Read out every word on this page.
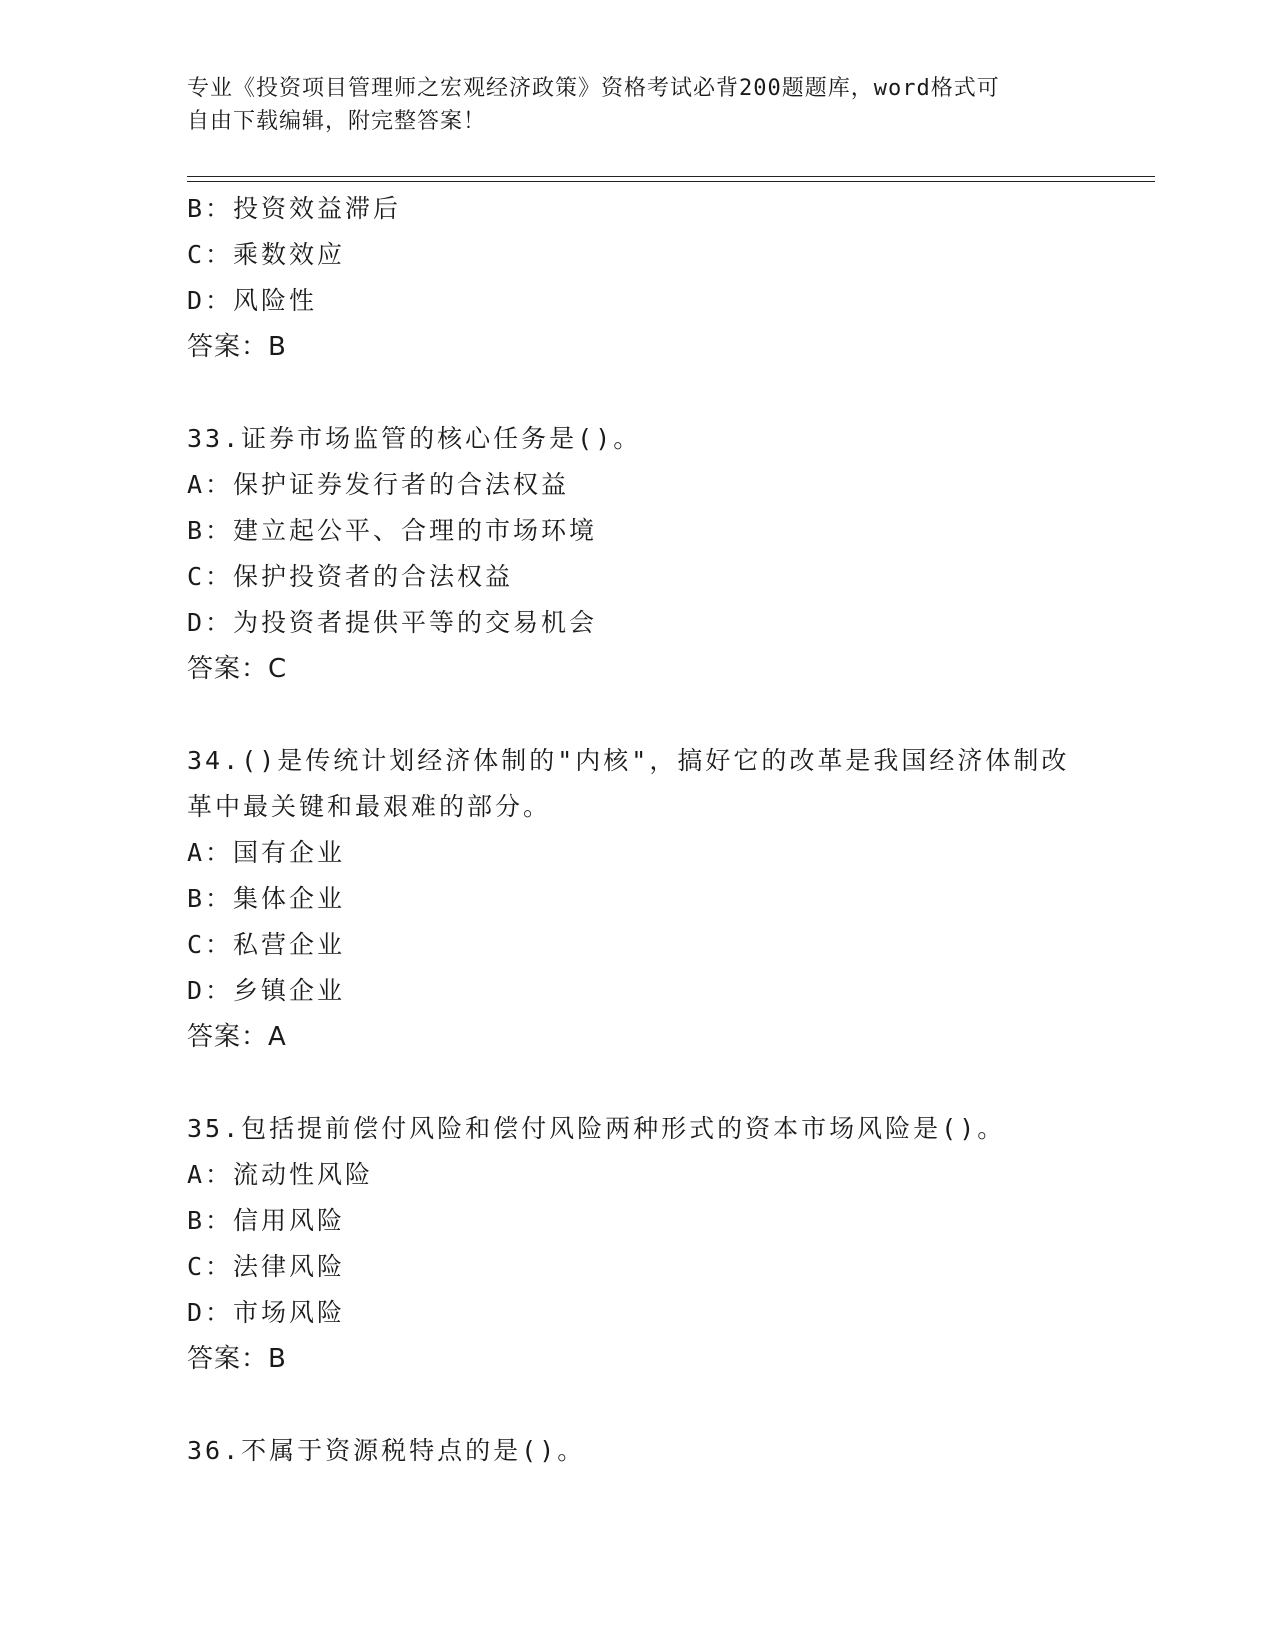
专业《投资项目管理师之宏观经济政策》资格考试必背200题题库，word格式可
自由下载编辑，附完整答案！
B：投资效益滞后
C：乘数效应
D：风险性
答案：B
33.证券市场监管的核心任务是()。
A：保护证券发行者的合法权益
B：建立起公平、合理的市场环境
C：保护投资者的合法权益
D：为投资者提供平等的交易机会
答案：C
34.()是传统计划经济体制的"内核"，搞好它的改革是我国经济体制改
革中最关键和最艰难的部分。
A：国有企业
B：集体企业
C：私营企业
D：乡镇企业
答案：A
35.包括提前偿付风险和偿付风险两种形式的资本市场风险是()。
A：流动性风险
B：信用风险
C：法律风险
D：市场风险
答案：B
36.不属于资源税特点的是()。
